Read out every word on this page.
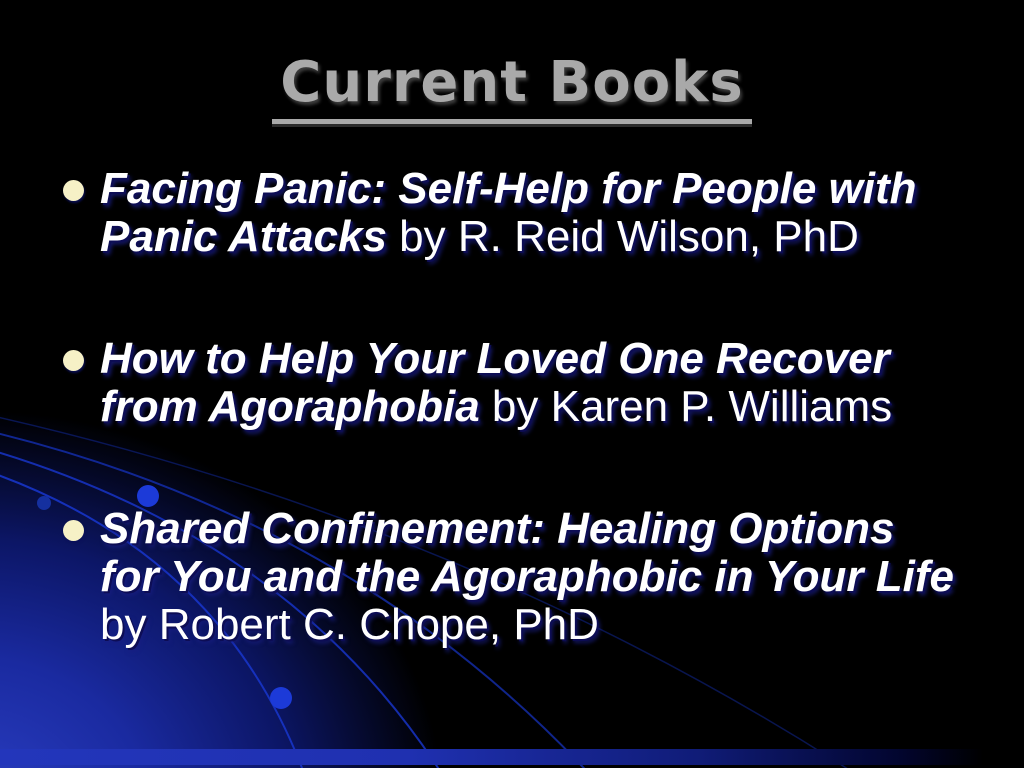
Current Books
Facing Panic: Self-Help for People with
Panic Attacks by R. Reid Wilson, PhD
How to Help Your Loved One Recover
from Agoraphobia by Karen P. Williams
Shared Confinement: Healing Options
for You and the Agoraphobic in Your Life
by Robert C. Chope, PhD
